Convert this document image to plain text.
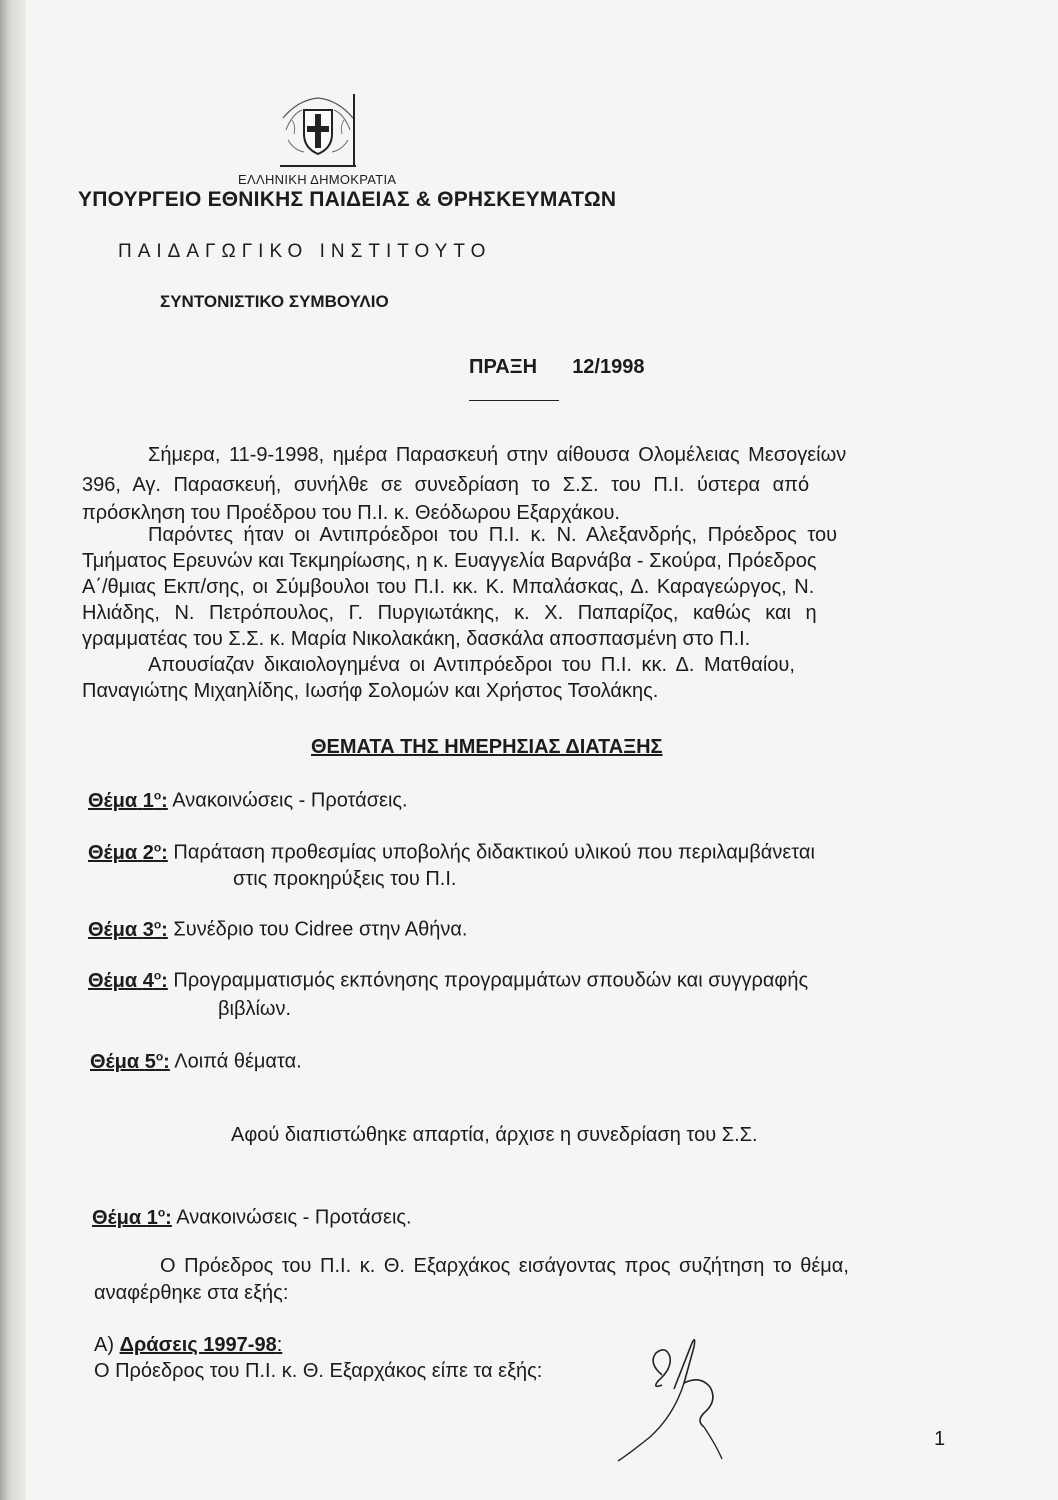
ΕΛΛΗΝΙΚΗ ΔΗΜΟΚΡΑΤΙΑ
ΥΠΟΥΡΓΕΙΟ ΕΘΝΙΚΗΣ ΠΑΙΔΕΙΑΣ & ΘΡΗΣΚΕΥΜΑΤΩΝ
ΠΑΙΔΑΓΩΓΙΚΟ ΙΝΣΤΙΤΟΥΤΟ
ΣΥΝΤΟΝΙΣΤΙΚΟ ΣΥΜΒΟΥΛΙΟ
ΠΡΑΞΗ 12/1998
Σήμερα, 11-9-1998, ημέρα Παρασκευή στην αίθουσα Ολομέλειας Μεσογείων
396, Αγ. Παρασκευή, συνήλθε σε συνεδρίαση το Σ.Σ. του Π.Ι. ύστερα από
πρόσκληση του Προέδρου του Π.Ι. κ. Θεόδωρου Εξαρχάκου.
Παρόντες ήταν οι Αντιπρόεδροι του Π.Ι. κ. Ν. Αλεξανδρής, Πρόεδρος του
Τμήματος Ερευνών και Τεκμηρίωσης, η κ. Ευαγγελία Βαρνάβα - Σκούρα, Πρόεδρος
Α΄/θμιας Εκπ/σης, οι Σύμβουλοι του Π.Ι. κκ. Κ. Μπαλάσκας, Δ. Καραγεώργος, Ν.
Ηλιάδης, Ν. Πετρόπουλος, Γ. Πυργιωτάκης, κ. Χ. Παπαρίζος, καθώς και η
γραμματέας του Σ.Σ. κ. Μαρία Νικολακάκη, δασκάλα αποσπασμένη στο Π.Ι.
Απουσίαζαν δικαιολογημένα οι Αντιπρόεδροι του Π.Ι. κκ. Δ. Ματθαίου,
Παναγιώτης Μιχαηλίδης, Ιωσήφ Σολομών και Χρήστος Τσολάκης.
ΘΕΜΑΤΑ ΤΗΣ ΗΜΕΡΗΣΙΑΣ ΔΙΑΤΑΞΗΣ
Θέμα $1^o$: Ανακοινώσεις - Προτάσεις.
Θέμα $2^o$: Παράταση προθεσμίας υποβολής διδακτικού υλικού που περιλαμβάνεται
στις προκηρύξεις του Π.Ι.
Θέμα $3^o$: Συνέδριο του Cidree στην Αθήνα.
Θέμα $4^o$: Προγραμματισμός εκπόνησης προγραμμάτων σπουδών και συγγραφής
βιβλίων.
Θέμα $5^o$: Λοιπά θέματα.
Αφού διαπιστώθηκε απαρτία, άρχισε η συνεδρίαση του Σ.Σ.
Θέμα $1^o$: Ανακοινώσεις - Προτάσεις.
Ο Πρόεδρος του Π.Ι. κ. Θ. Εξαρχάκος εισάγοντας προς συζήτηση το θέμα,
αναφέρθηκε στα εξής:
Α) Δράσεις 1997-98:
Ο Πρόεδρος του Π.Ι. κ. Θ. Εξαρχάκος είπε τα εξής:
1
